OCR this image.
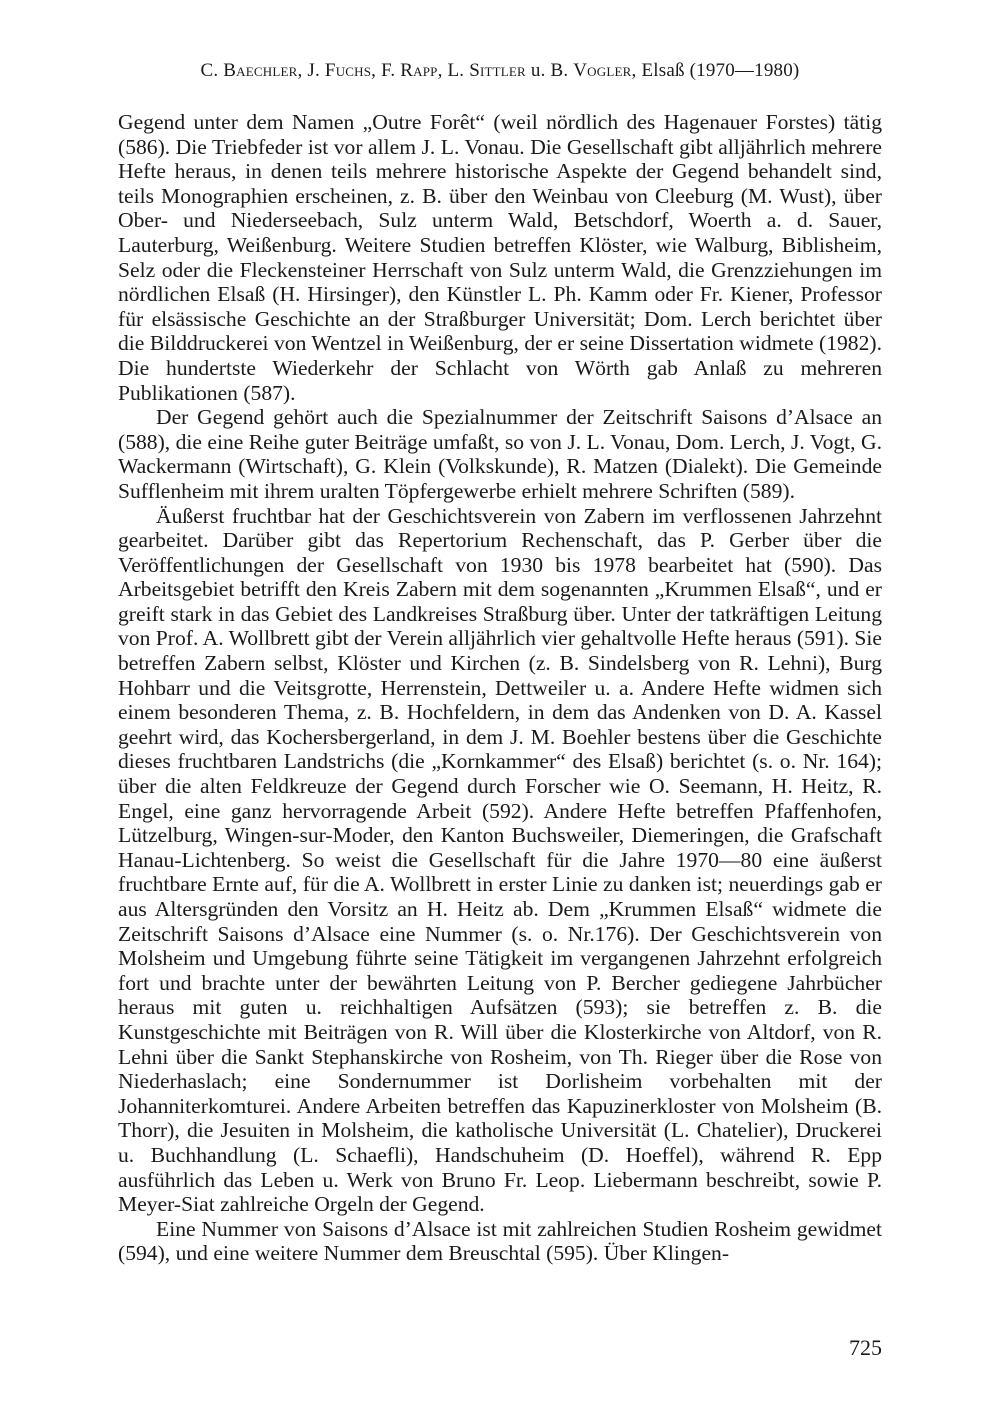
C. Baechler, J. Fuchs, F. Rapp, L. Sittler u. B. Vogler, Elsaß (1970—1980)

Gegend unter dem Namen „Outre Forêt“ (weil nördlich des Hagenauer Forstes) tätig (586). Die Triebfeder ist vor allem J. L. Vonau. Die Gesellschaft gibt alljährlich mehrere Hefte heraus, in denen teils mehrere historische Aspekte der Gegend behandelt sind, teils Monographien erscheinen, z. B. über den Weinbau von Cleeburg (M. Wust), über Ober- und Niederseebach, Sulz unterm Wald, Betschdorf, Woerth a. d. Sauer, Lauterburg, Weißenburg. Weitere Studien betreffen Klöster, wie Walburg, Biblisheim, Selz oder die Fleckensteiner Herrschaft von Sulz unterm Wald, die Grenzziehungen im nördlichen Elsaß (H. Hirsinger), den Künstler L. Ph. Kamm oder Fr. Kiener, Professor für elsässische Geschichte an der Straßburger Universität; Dom. Lerch berichtet über die Bilddruckerei von Wentzel in Weißenburg, der er seine Dissertation widmete (1982). Die hundertste Wiederkehr der Schlacht von Wörth gab Anlaß zu mehreren Publikationen (587).

Der Gegend gehört auch die Spezialnummer der Zeitschrift Saisons d’Alsace an (588), die eine Reihe guter Beiträge umfaßt, so von J. L. Vonau, Dom. Lerch, J. Vogt, G. Wackermann (Wirtschaft), G. Klein (Volkskunde), R. Matzen (Dialekt). Die Gemeinde Sufflenheim mit ihrem uralten Töpfergewerbe erhielt mehrere Schriften (589).

Äußerst fruchtbar hat der Geschichtsverein von Zabern im verflossenen Jahrzehnt gearbeitet. Darüber gibt das Repertorium Rechenschaft, das P. Gerber über die Veröffentlichungen der Gesellschaft von 1930 bis 1978 bearbeitet hat (590). Das Arbeitsgebiet betrifft den Kreis Zabern mit dem sogenannten „Krummen Elsaß“, und er greift stark in das Gebiet des Landkreises Straßburg über. Unter der tatkräftigen Leitung von Prof. A. Wollbrett gibt der Verein alljährlich vier gehaltvolle Hefte heraus (591). Sie betreffen Zabern selbst, Klöster und Kirchen (z. B. Sindelsberg von R. Lehni), Burg Hohbarr und die Veitsgrotte, Herrenstein, Dettweiler u. a. Andere Hefte widmen sich einem besonderen Thema, z. B. Hochfeldern, in dem das Andenken von D. A. Kassel geehrt wird, das Kochersbergerland, in dem J. M. Boehler bestens über die Geschichte dieses fruchtbaren Landstrichs (die „Kornkammer“ des Elsaß) berichtet (s. o. Nr. 164); über die alten Feldkreuze der Gegend durch Forscher wie O. Seemann, H. Heitz, R. Engel, eine ganz hervorragende Arbeit (592). Andere Hefte betreffen Pfaffenhofen, Lützelburg, Wingen-sur-Moder, den Kanton Buchsweiler, Diemeringen, die Grafschaft Hanau-Lichtenberg. So weist die Gesellschaft für die Jahre 1970—80 eine äußerst fruchtbare Ernte auf, für die A. Wollbrett in erster Linie zu danken ist; neuerdings gab er aus Altersgründen den Vorsitz an H. Heitz ab. Dem „Krummen Elsaß“ widmete die Zeitschrift Saisons d’Alsace eine Nummer (s. o. Nr.176). Der Geschichtsverein von Molsheim und Umgebung führte seine Tätigkeit im vergangenen Jahrzehnt erfolgreich fort und brachte unter der bewährten Leitung von P. Bercher gediegene Jahrbücher heraus mit guten u. reichhaltigen Aufsätzen (593); sie betreffen z. B. die Kunstgeschichte mit Beiträgen von R. Will über die Klosterkirche von Altdorf, von R. Lehni über die Sankt Stephanskirche von Rosheim, von Th. Rieger über die Rose von Niederhaslach; eine Sondernummer ist Dorlisheim vorbehalten mit der Johanniterkomturei. Andere Arbeiten betreffen das Kapuzinerkloster von Molsheim (B. Thorr), die Jesuiten in Molsheim, die katholische Universität (L. Chatelier), Druckerei u. Buchhandlung (L. Schaefli), Handschuheim (D. Hoeffel), während R. Epp ausführlich das Leben u. Werk von Bruno Fr. Leop. Liebermann beschreibt, sowie P. Meyer-Siat zahlreiche Orgeln der Gegend.

Eine Nummer von Saisons d’Alsace ist mit zahlreichen Studien Rosheim gewidmet (594), und eine weitere Nummer dem Breuschtal (595). Über Klingen-

725
